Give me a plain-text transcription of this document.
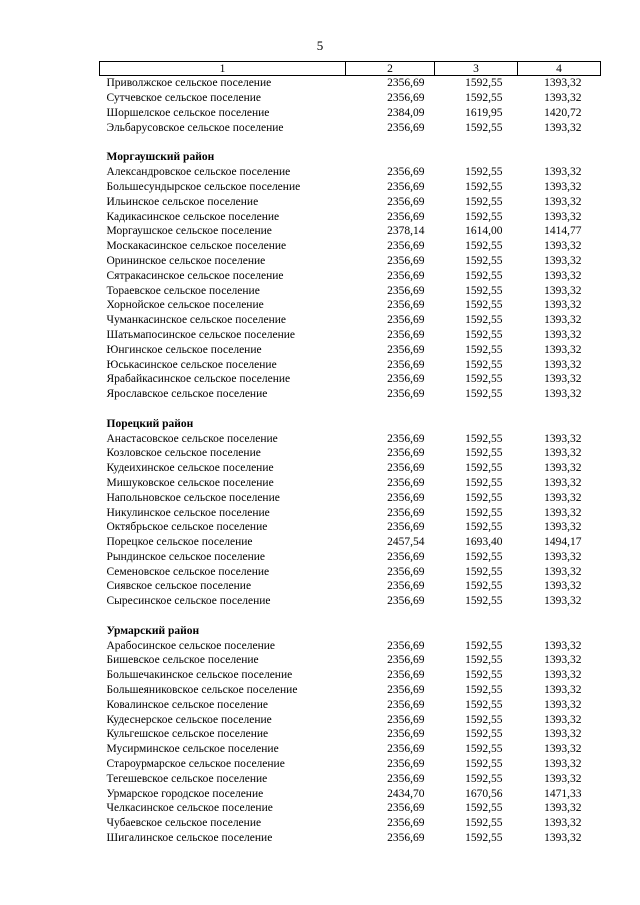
5
1	2	3	4
Приволжское сельское поселение	2356,69	1592,55	1393,32
Сутчевское сельское поселение	2356,69	1592,55	1393,32
Шоршелское сельское поселение	2384,09	1619,95	1420,72
Эльбарусовское сельское поселение	2356,69	1592,55	1393,32

Моргаушский район			
Александровское сельское поселение	2356,69	1592,55	1393,32
Большесундырское сельское поселение	2356,69	1592,55	1393,32
Ильинское сельское поселение	2356,69	1592,55	1393,32
Кадикасинское сельское поселение	2356,69	1592,55	1393,32
Моргаушское сельское поселение	2378,14	1614,00	1414,77
Москакасинское сельское поселение	2356,69	1592,55	1393,32
Орининское сельское поселение	2356,69	1592,55	1393,32
Сятракасинское сельское поселение	2356,69	1592,55	1393,32
Тораевское сельское поселение	2356,69	1592,55	1393,32
Хорнойское сельское поселение	2356,69	1592,55	1393,32
Чуманкасинское сельское поселение	2356,69	1592,55	1393,32
Шатьмапосинское сельское поселение	2356,69	1592,55	1393,32
Юнгинское сельское поселение	2356,69	1592,55	1393,32
Юськасинское сельское поселение	2356,69	1592,55	1393,32
Ярабайкасинское сельское поселение	2356,69	1592,55	1393,32
Ярославское сельское поселение	2356,69	1592,55	1393,32

Порецкий район			
Анастасовское сельское поселение	2356,69	1592,55	1393,32
Козловское сельское поселение	2356,69	1592,55	1393,32
Кудеихинское сельское поселение	2356,69	1592,55	1393,32
Мишуковское сельское поселение	2356,69	1592,55	1393,32
Напольновское сельское поселение	2356,69	1592,55	1393,32
Никулинское сельское поселение	2356,69	1592,55	1393,32
Октябрьское сельское поселение	2356,69	1592,55	1393,32
Порецкое сельское поселение	2457,54	1693,40	1494,17
Рындинское сельское поселение	2356,69	1592,55	1393,32
Семеновское сельское поселение	2356,69	1592,55	1393,32
Сиявское сельское поселение	2356,69	1592,55	1393,32
Сыресинское сельское поселение	2356,69	1592,55	1393,32

Урмарский район			
Арабосинское сельское поселение	2356,69	1592,55	1393,32
Бишевское сельское поселение	2356,69	1592,55	1393,32
Большечакинское сельское поселение	2356,69	1592,55	1393,32
Большеяниковское сельское поселение	2356,69	1592,55	1393,32
Ковалинское сельское поселение	2356,69	1592,55	1393,32
Кудеснерское сельское поселение	2356,69	1592,55	1393,32
Кульгешское сельское поселение	2356,69	1592,55	1393,32
Мусирминское сельское поселение	2356,69	1592,55	1393,32
Староурмарское сельское поселение	2356,69	1592,55	1393,32
Тегешевское сельское поселение	2356,69	1592,55	1393,32
Урмарское городское поселение	2434,70	1670,56	1471,33
Челкасинское сельское поселение	2356,69	1592,55	1393,32
Чубаевское сельское поселение	2356,69	1592,55	1393,32
Шигалинское сельское поселение	2356,69	1592,55	1393,32
